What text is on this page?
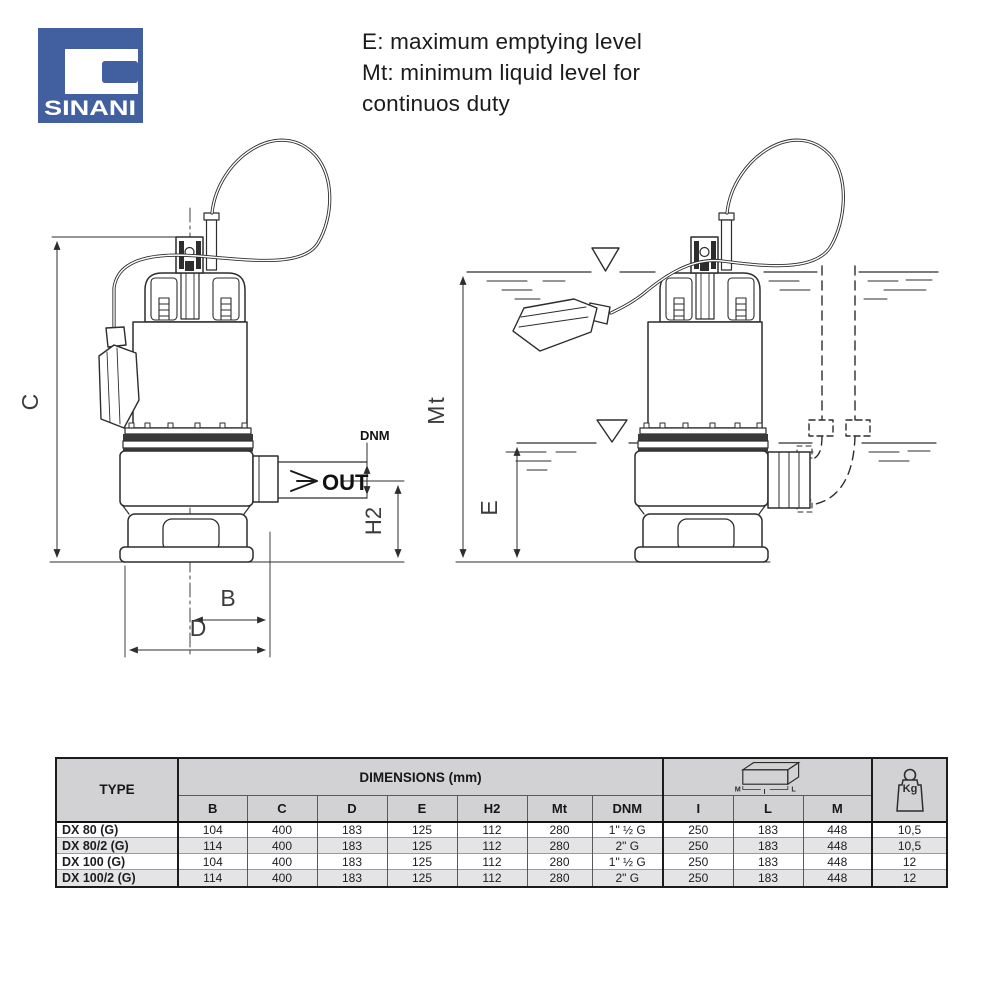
SINANI
E: maximum emptying level
Mt: minimum liquid level for
continuos duty
C
B
D
H2
DNM
OUT
Mt
E
TYPE	DIMENSIONS (mm)							M I L			Kg

	B	C	D	E	H2	Mt	DNM	I	L	M	
DX 80 (G)	104	400	183	125	112	280	1" ½ G	250	183	448	10,5
DX 80/2 (G)	114	400	183	125	112	280	2" G	250	183	448	10,5
DX 100 (G)	104	400	183	125	112	280	1" ½ G	250	183	448	12
DX 100/2 (G)	114	400	183	125	112	280	2" G	250	183	448	12
